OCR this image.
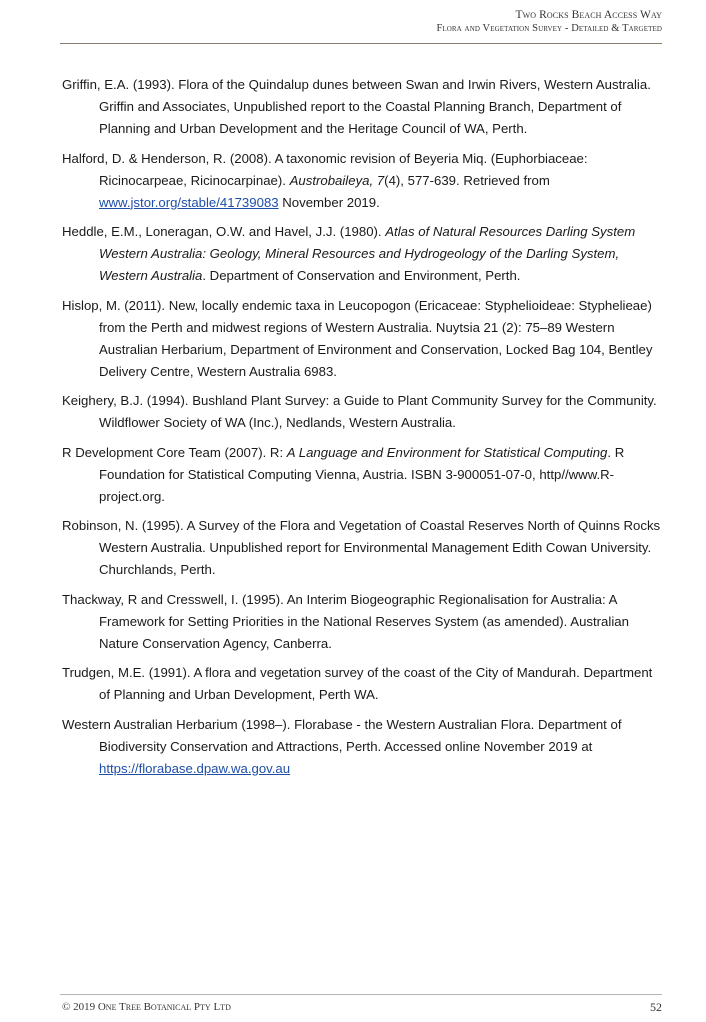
Two Rocks Beach Access Way
Flora and Vegetation Survey - Detailed & Targeted

Griffin, E.A. (1993). Flora of the Quindalup dunes between Swan and Irwin Rivers, Western Australia. Griffin and Associates, Unpublished report to the Coastal Planning Branch, Department of Planning and Urban Development and the Heritage Council of WA, Perth.

Halford, D. & Henderson, R. (2008). A taxonomic revision of Beyeria Miq. (Euphorbiaceae: Ricinocarpeae, Ricinocarpinae). Austrobaileya, 7(4), 577-639. Retrieved from www.jstor.org/stable/41739083 November 2019.

Heddle, E.M., Loneragan, O.W. and Havel, J.J. (1980). Atlas of Natural Resources Darling System Western Australia: Geology, Mineral Resources and Hydrogeology of the Darling System, Western Australia. Department of Conservation and Environment, Perth.

Hislop, M. (2011). New, locally endemic taxa in Leucopogon (Ericaceae: Styphelioideae: Styphelieae) from the Perth and midwest regions of Western Australia. Nuytsia 21 (2): 75–89 Western Australian Herbarium, Department of Environment and Conservation, Locked Bag 104, Bentley Delivery Centre, Western Australia 6983.

Keighery, B.J. (1994). Bushland Plant Survey: a Guide to Plant Community Survey for the Community. Wildflower Society of WA (Inc.), Nedlands, Western Australia.

R Development Core Team (2007). R: A Language and Environment for Statistical Computing. R Foundation for Statistical Computing Vienna, Austria. ISBN 3-900051-07-0, http//www.R-project.org.

Robinson, N. (1995). A Survey of the Flora and Vegetation of Coastal Reserves North of Quinns Rocks Western Australia. Unpublished report for Environmental Management Edith Cowan University. Churchlands, Perth.

Thackway, R and Cresswell, I. (1995). An Interim Biogeographic Regionalisation for Australia: A Framework for Setting Priorities in the National Reserves System (as amended). Australian Nature Conservation Agency, Canberra.

Trudgen, M.E. (1991). A flora and vegetation survey of the coast of the City of Mandurah. Department of Planning and Urban Development, Perth WA.

Western Australian Herbarium (1998–). Florabase - the Western Australian Flora. Department of Biodiversity Conservation and Attractions, Perth. Accessed online November 2019 at https://florabase.dpaw.wa.gov.au

© 2019 One Tree Botanical Pty Ltd	52
